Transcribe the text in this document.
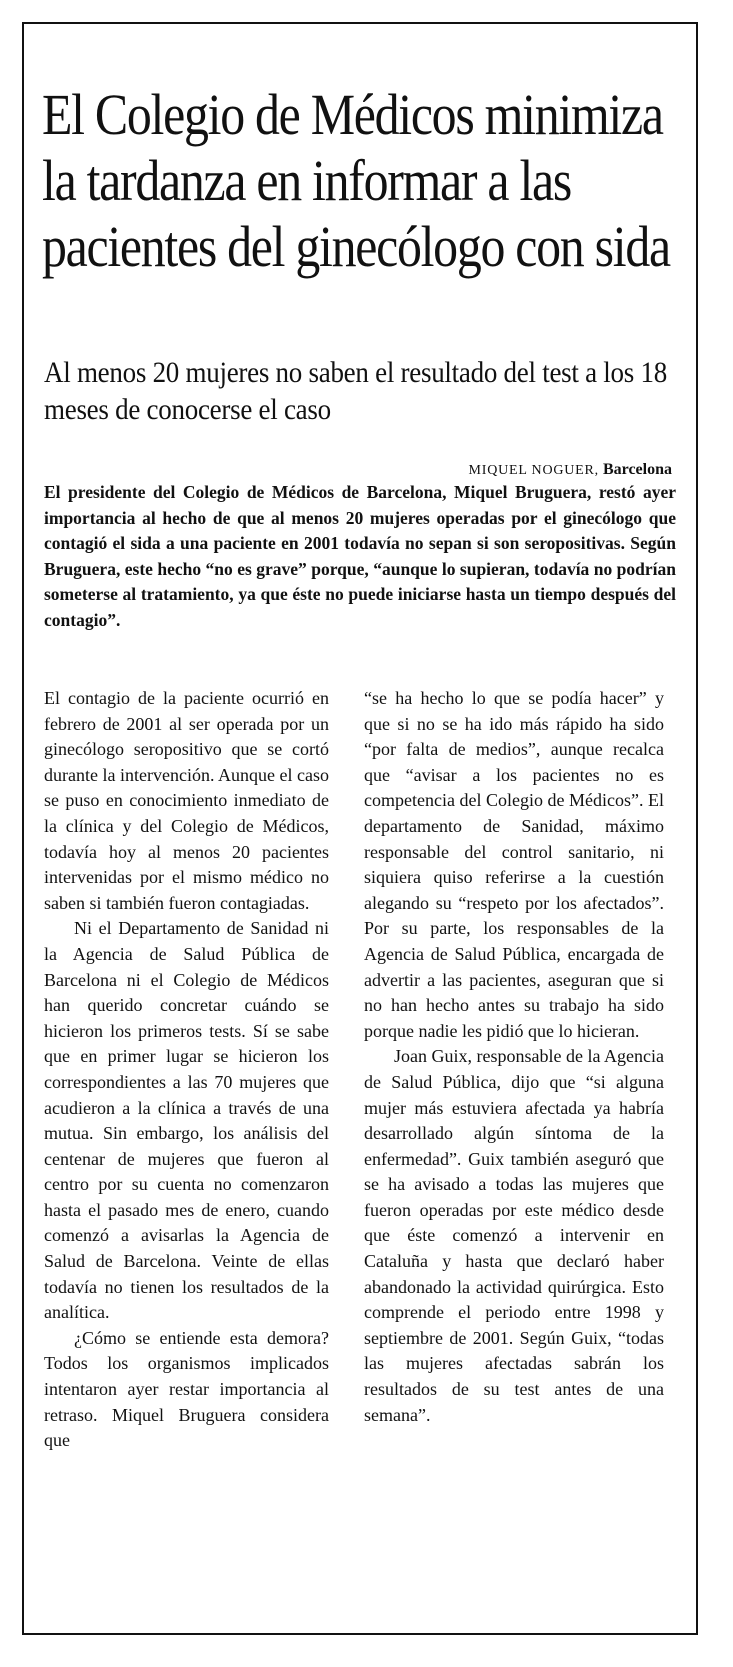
El Colegio de Médicos minimiza la tardanza en informar a las pacientes del ginecólogo con sida
Al menos 20 mujeres no saben el resultado del test a los 18 meses de conocerse el caso
MIQUEL NOGUER, Barcelona

El presidente del Colegio de Médicos de Barcelona, Miquel Bruguera, restó ayer importancia al hecho de que al menos 20 mujeres operadas por el ginecólogo que contagió el sida a una paciente en 2001 todavía no sepan si son seropositivas. Según Bruguera, este hecho “no es grave” porque, “aunque lo supieran, todavía no podrían someterse al tratamiento, ya que éste no puede iniciarse hasta un tiempo después del contagio”.

El contagio de la paciente ocurrió en febrero de 2001 al ser operada por un ginecólogo seropositivo que se cortó durante la intervención. Aunque el caso se puso en conocimiento inmediato de la clínica y del Colegio de Médicos, todavía hoy al menos 20 pacientes intervenidas por el mismo médico no saben si también fueron contagiadas.

Ni el Departamento de Sanidad ni la Agencia de Salud Pública de Barcelona ni el Colegio de Médicos han querido concretar cuándo se hicieron los primeros tests. Sí se sabe que en primer lugar se hicieron los correspondientes a las 70 mujeres que acudieron a la clínica a través de una mutua. Sin embargo, los análisis del centenar de mujeres que fueron al centro por su cuenta no comenzaron hasta el pasado mes de enero, cuando comenzó a avisarlas la Agencia de Salud de Barcelona. Veinte de ellas todavía no tienen los resultados de la analítica.

¿Cómo se entiende esta demora? Todos los organismos implicados intentaron ayer restar importancia al retraso. Miquel Bruguera considera que

“se ha hecho lo que se podía hacer” y que si no se ha ido más rápido ha sido “por falta de medios”, aunque recalca que “avisar a los pacientes no es competencia del Colegio de Médicos”. El departamento de Sanidad, máximo responsable del control sanitario, ni siquiera quiso referirse a la cuestión alegando su “respeto por los afectados”. Por su parte, los responsables de la Agencia de Salud Pública, encargada de advertir a las pacientes, aseguran que si no han hecho antes su trabajo ha sido porque nadie les pidió que lo hicieran.

Joan Guix, responsable de la Agencia de Salud Pública, dijo que “si alguna mujer más estuviera afectada ya habría desarrollado algún síntoma de la enfermedad”. Guix también aseguró que se ha avisado a todas las mujeres que fueron operadas por este médico desde que éste comenzó a intervenir en Cataluña y hasta que declaró haber abandonado la actividad quirúrgica. Esto comprende el periodo entre 1998 y septiembre de 2001. Según Guix, “todas las mujeres afectadas sabrán los resultados de su test antes de una semana”.
